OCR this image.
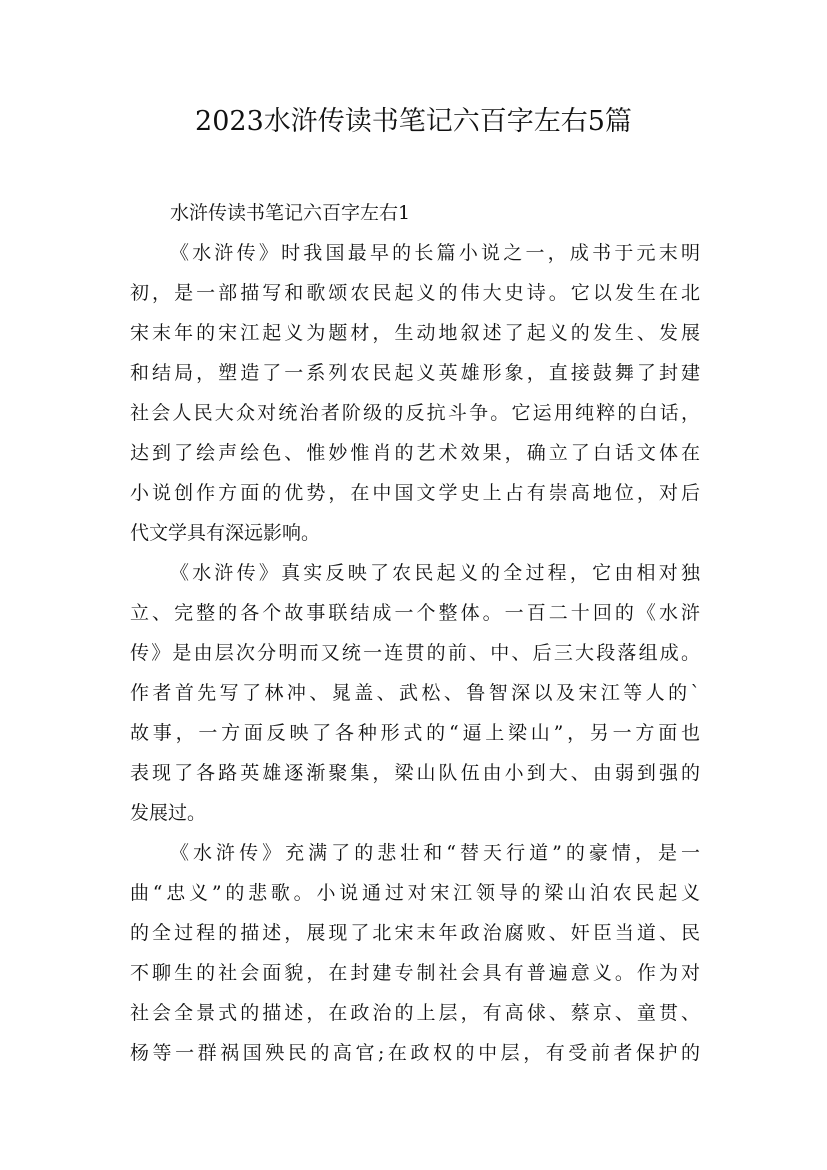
2023水浒传读书笔记六百字左右5篇

水浒传读书笔记六百字左右1

《水浒传》时我国最早的长篇小说之一，成书于元末明
初，是一部描写和歌颂农民起义的伟大史诗。它以发生在北
宋末年的宋江起义为题材，生动地叙述了起义的发生、发展
和结局，塑造了一系列农民起义英雄形象，直接鼓舞了封建
社会人民大众对统治者阶级的反抗斗争。它运用纯粹的白话，
达到了绘声绘色、惟妙惟肖的艺术效果，确立了白话文体在
小说创作方面的优势，在中国文学史上占有崇高地位，对后
代文学具有深远影响。

《水浒传》真实反映了农民起义的全过程，它由相对独
立、完整的各个故事联结成一个整体。一百二十回的《水浒
传》是由层次分明而又统一连贯的前、中、后三大段落组成。
作者首先写了林冲、晁盖、武松、鲁智深以及宋江等人的`
故事，一方面反映了各种形式的“逼上梁山”，另一方面也
表现了各路英雄逐渐聚集，梁山队伍由小到大、由弱到强的
发展过。

《水浒传》充满了的悲壮和“替天行道”的豪情，是一
曲“忠义”的悲歌。小说通过对宋江领导的梁山泊农民起义
的全过程的描述，展现了北宋末年政治腐败、奸臣当道、民
不聊生的社会面貌，在封建专制社会具有普遍意义。作为对
社会全景式的描述，在政治的上层，有高俅、蔡京、童贯、
杨等一群祸国殃民的高官;在政权的中层，有受前者保护的
